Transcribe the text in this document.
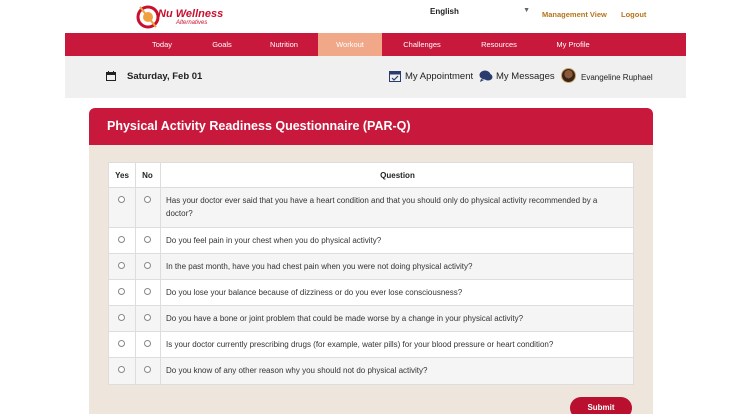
Nu Wellness
Alternatives
English	▼ Management View Logout
Today	Goals	Nutrition	Workout	Challenges	Resources	My Profile
Saturday, Feb 01	My Appointment My Messages	Evangeline Ruphael
Physical Activity Readiness Questionnaire (PAR-Q)
Yes	No	Question
Has your doctor ever said that you have a heart condition and that you should only do physical activity recommended by a doctor?
Do you feel pain in your chest when you do physical activity?
In the past month, have you had chest pain when you were not doing physical activity?
Do you lose your balance because of dizziness or do you ever lose consciousness?
Do you have a bone or joint problem that could be made worse by a change in your physical activity?
Is your doctor currently prescribing drugs (for example, water pills) for your blood pressure or heart condition?
Do you know of any other reason why you should not do physical activity?
Submit
